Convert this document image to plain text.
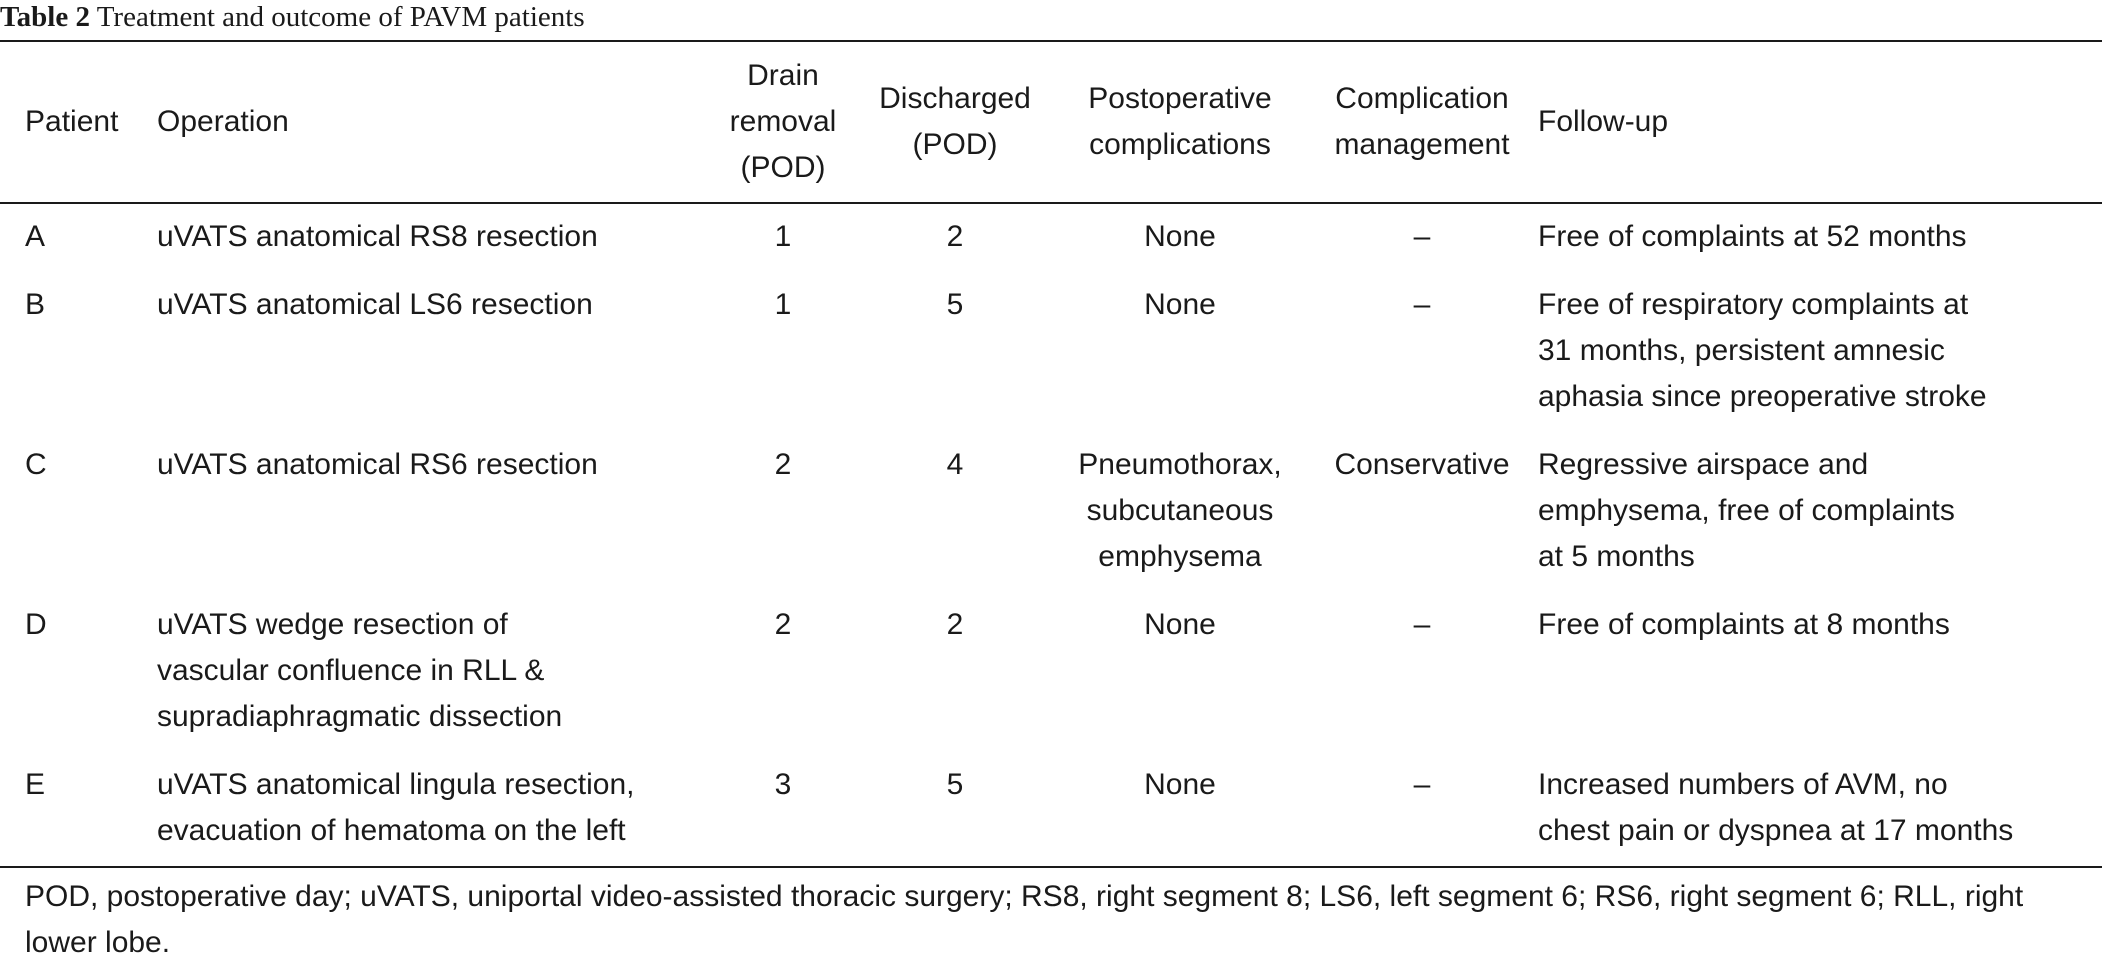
Table 2 Treatment and outcome of PAVM patients
Patient	Operation	Drain
removal
(POD)	Discharged
(POD)	Postoperative
complications	Complication
management	Follow-up
A	uVATS anatomical RS8 resection	1	2	None	–	Free of complaints at 52 months
B	uVATS anatomical LS6 resection	1	5	None	–	Free of respiratory complaints at
31 months, persistent amnesic
aphasia since preoperative stroke
C	uVATS anatomical RS6 resection	2	4	Pneumothorax,
subcutaneous
emphysema	Conservative	Regressive airspace and
emphysema, free of complaints
at 5 months
D	uVATS wedge resection of
vascular confluence in RLL &
supradiaphragmatic dissection	2	2	None	–	Free of complaints at 8 months
E	uVATS anatomical lingula resection,
evacuation of hematoma on the left	3	5	None	–	Increased numbers of AVM, no
chest pain or dyspnea at 17 months
POD, postoperative day; uVATS, uniportal video-assisted thoracic surgery; RS8, right segment 8; LS6, left segment 6; RS6, right segment 6; RLL, right lower lobe.
